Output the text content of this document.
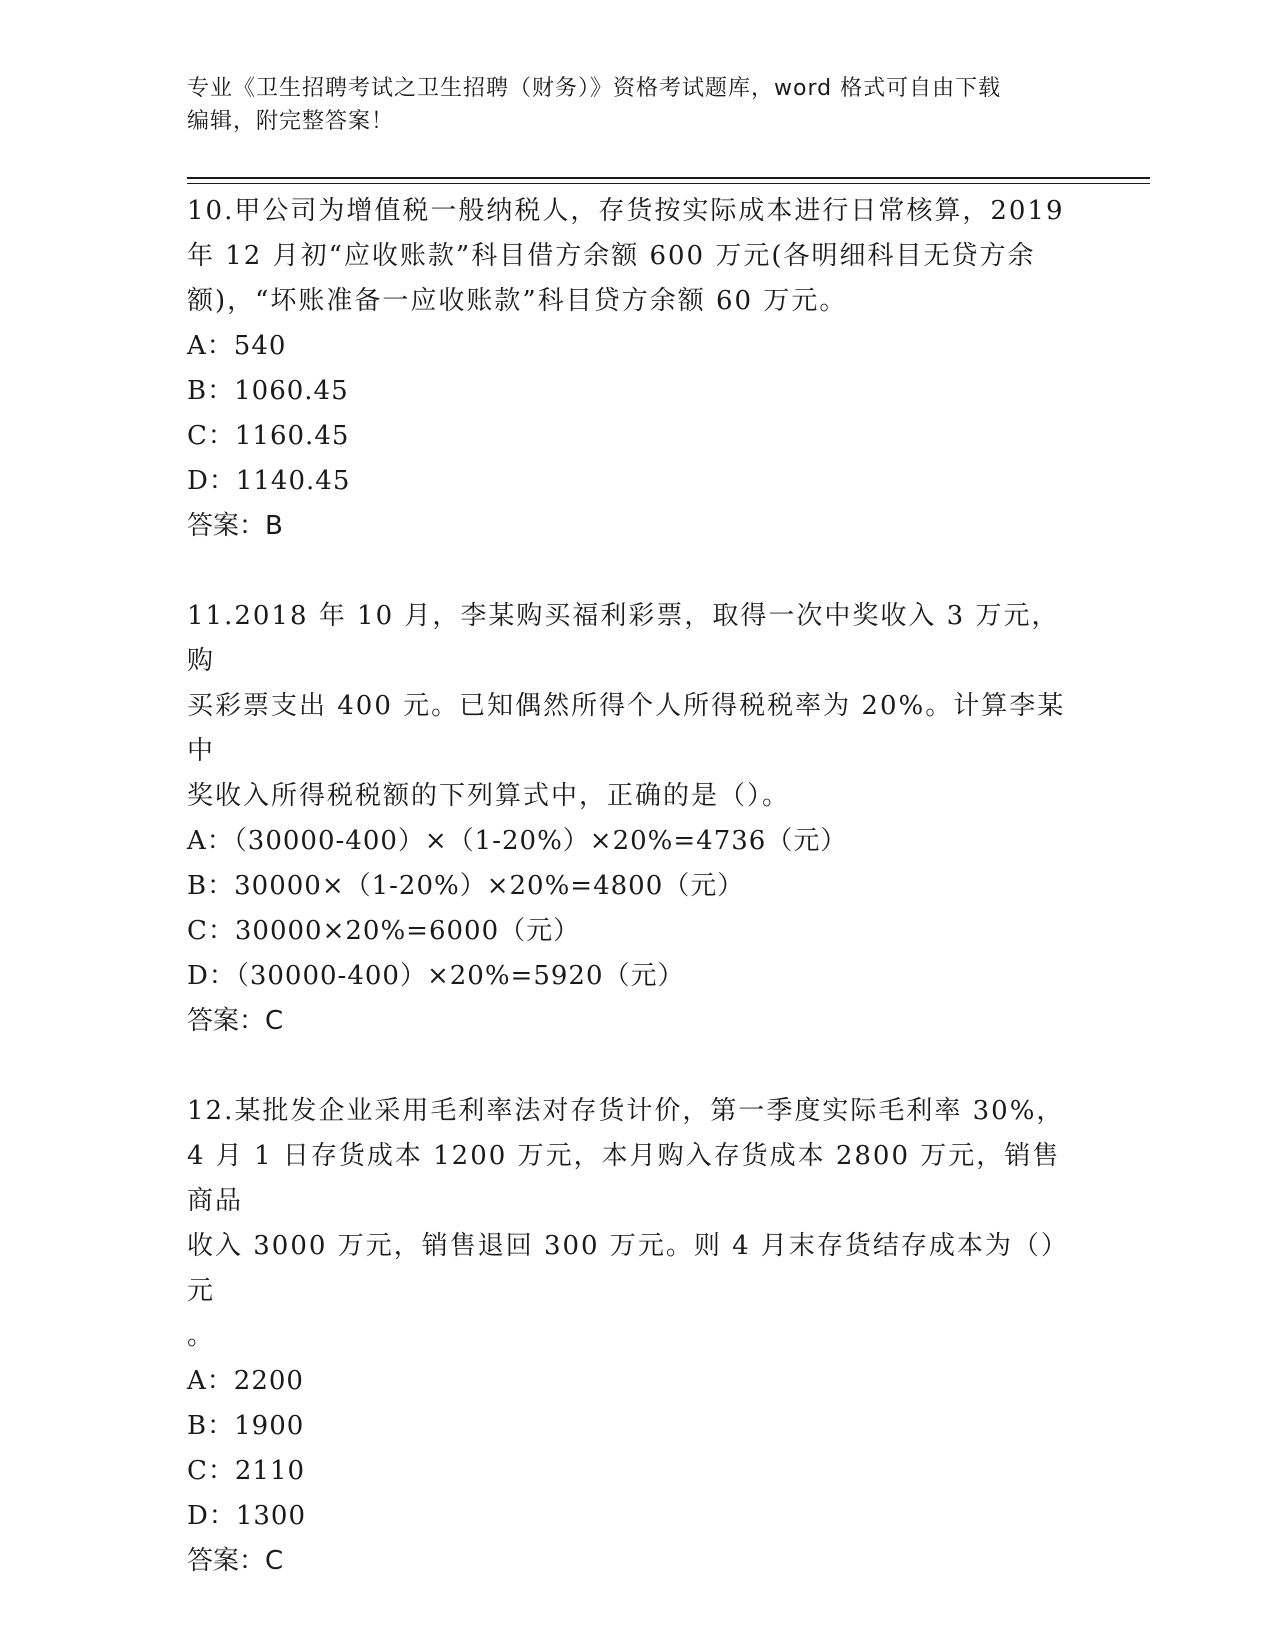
专业《卫生招聘考试之卫生招聘（财务）》资格考试题库，word 格式可自由下载
编辑，附完整答案！
10.甲公司为增值税一般纳税人，存货按实际成本进行日常核算，2019
年 12 月初“应收账款”科目借方余额 600 万元(各明细科目无贷方余
额)，“坏账准备一应收账款”科目贷方余额 60 万元。
A：540
B：1060.45
C：1160.45
D：1140.45
答案：B
11.2018 年 10 月，李某购买福利彩票，取得一次中奖收入 3 万元，购
买彩票支出 400 元。已知偶然所得个人所得税税率为 20%。计算李某中
奖收入所得税税额的下列算式中，正确的是（）。
A：（30000-400）×（1-20%）×20%=4736（元）
B：30000×（1-20%）×20%=4800（元）
C：30000×20%=6000（元）
D：（30000-400）×20%=5920（元）
答案：C
12.某批发企业采用毛利率法对存货计价，第一季度实际毛利率 30%，
4 月 1 日存货成本 1200 万元，本月购入存货成本 2800 万元，销售商品
收入 3000 万元，销售退回 300 万元。则 4 月末存货结存成本为（）元
。
A：2200
B：1900
C：2110
D：1300
答案：C
